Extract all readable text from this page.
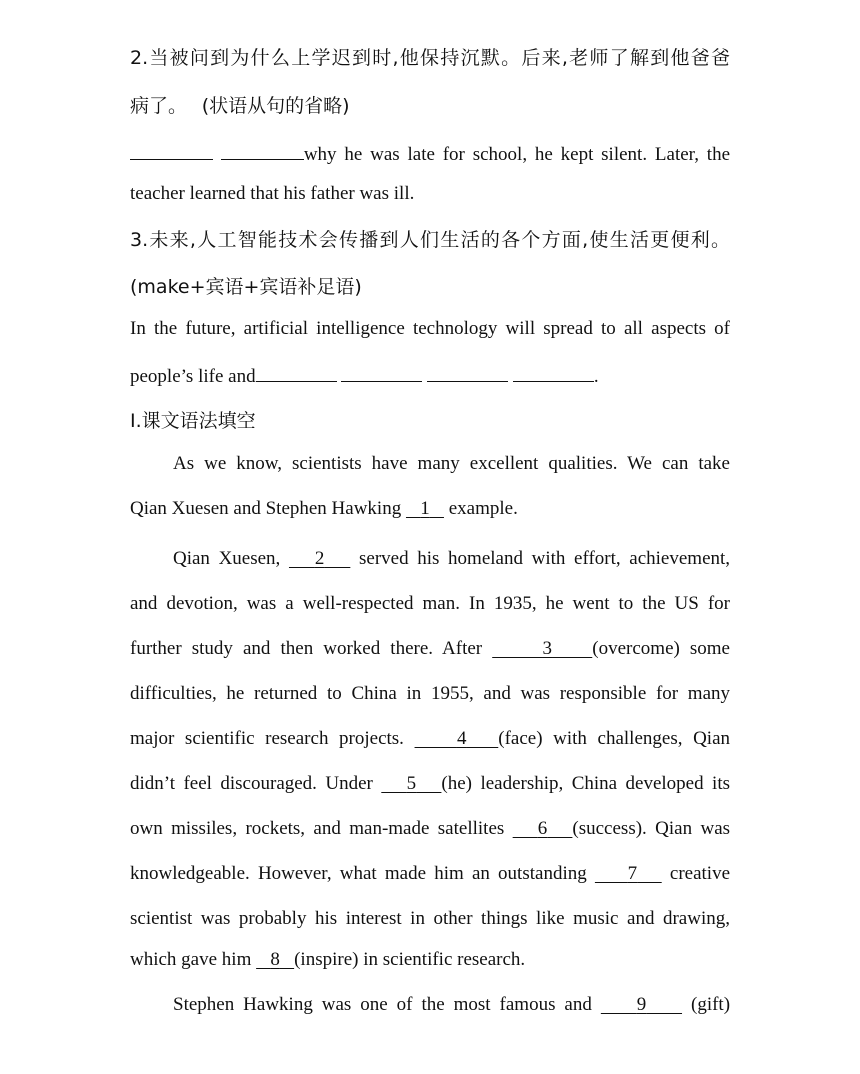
2.当被问到为什么上学迟到时,他保持沉默。后来,老师了解到他爸爸
病了。 (状语从句的省略)
why he was late for school, he kept silent. Later, the
teacher learned that his father was ill.
3.未来,人工智能技术会传播到人们生活的各个方面,使生活更便利。
(make+宾语+宾语补足语)
In the future, artificial intelligence technology will spread to all aspects of
people’s life and	.
I.课文语法填空
As we know, scientists have many excellent qualities. We can take
Qian Xuesen and Stephen Hawking 1 example.
Qian Xuesen, 2 served his homeland with effort, achievement,
and devotion, was a well-respected man. In 1935, he went to the US for
further study and then worked there. After	3 (overcome) some
difficulties, he returned to China in 1955, and was responsible for many
major scientific research projects.	4 (face) with challenges, Qian
didn’t feel discouraged. Under 5 (he) leadership, China developed its
own missiles, rockets, and man-made satellites 6 (success). Qian was
knowledgeable. However, what made him an outstanding 7 creative
scientist was probably his interest in other things like music and drawing,
which gave him 8 (inspire) in scientific research.
Stephen Hawking was one of the most famous and 9 (gift)
